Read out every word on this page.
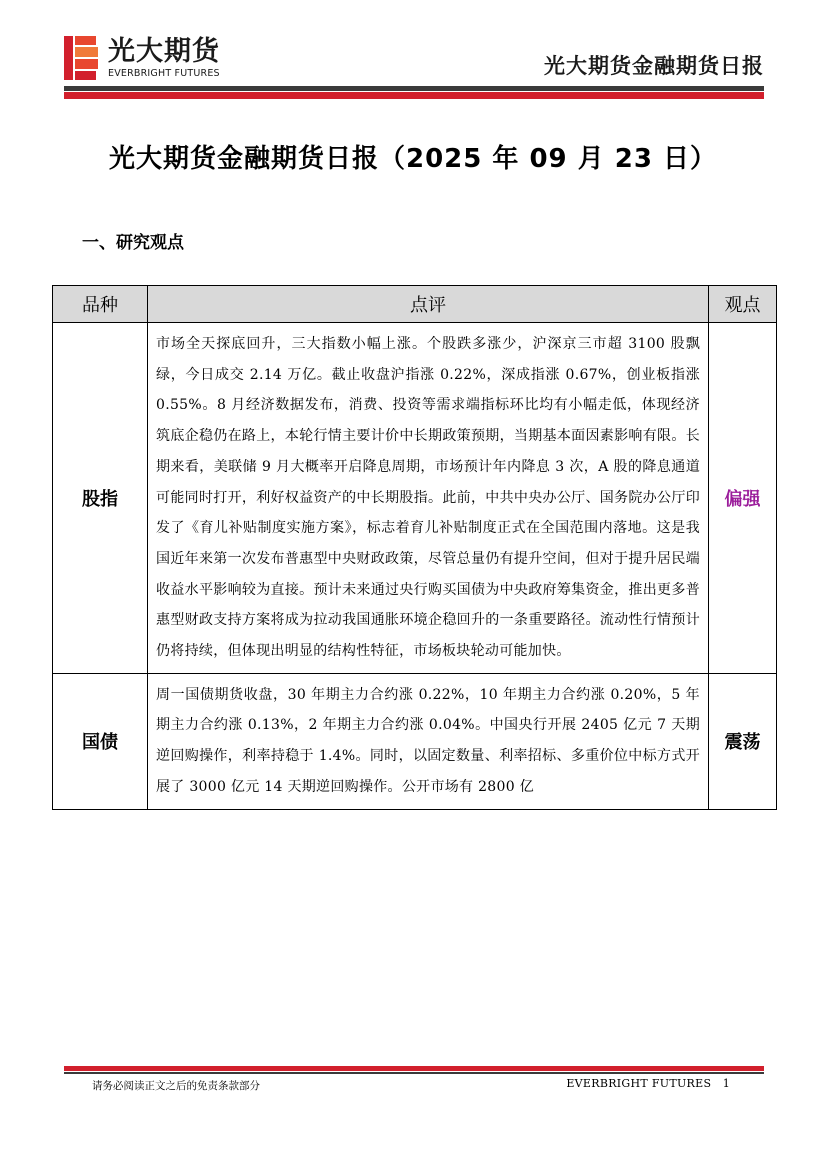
光大期货
EVERBRIGHT FUTURES	光大期货金融期货日报
光大期货金融期货日报（2025 年 09 月 23 日）
一、研究观点
品种	点评	观点
股指	市场全天探底回升，三大指数小幅上涨。个股跌多涨少，沪深京三市超 3100 股飘绿，今日成交 2.14 万亿。截止收盘沪指涨 0.22%，深成指涨 0.67%，创业板指涨 0.55%。8 月经济数据发布，消费、投资等需求端指标环比均有小幅走低，体现经济筑底企稳仍在路上，本轮行情主要计价中长期政策预期，当期基本面因素影响有限。长期来看，美联储 9 月大概率开启降息周期，市场预计年内降息 3 次，A 股的降息通道可能同时打开，利好权益资产的中长期股指。此前，中共中央办公厅、国务院办公厅印发了《育儿补贴制度实施方案》，标志着育儿补贴制度正式在全国范围内落地。这是我国近年来第一次发布普惠型中央财政政策，尽管总量仍有提升空间，但对于提升居民端收益水平影响较为直接。预计未来通过央行购买国债为中央政府筹集资金，推出更多普惠型财政支持方案将成为拉动我国通胀环境企稳回升的一条重要路径。流动性行情预计仍将持续，但体现出明显的结构性特征，市场板块轮动可能加快。	偏强
国债	周一国债期货收盘，30 年期主力合约涨 0.22%，10 年期主力合约涨 0.20%，5 年期主力合约涨 0.13%，2 年期主力合约涨 0.04%。中国央行开展 2405 亿元 7 天期逆回购操作，利率持稳于 1.4%。同时，以固定数量、利率招标、多重价位中标方式开展了 3000 亿元 14 天期逆回购操作。公开市场有 2800 亿	震荡
请务必阅读正文之后的免责条款部分	EVERBRIGHT FUTURES 1
